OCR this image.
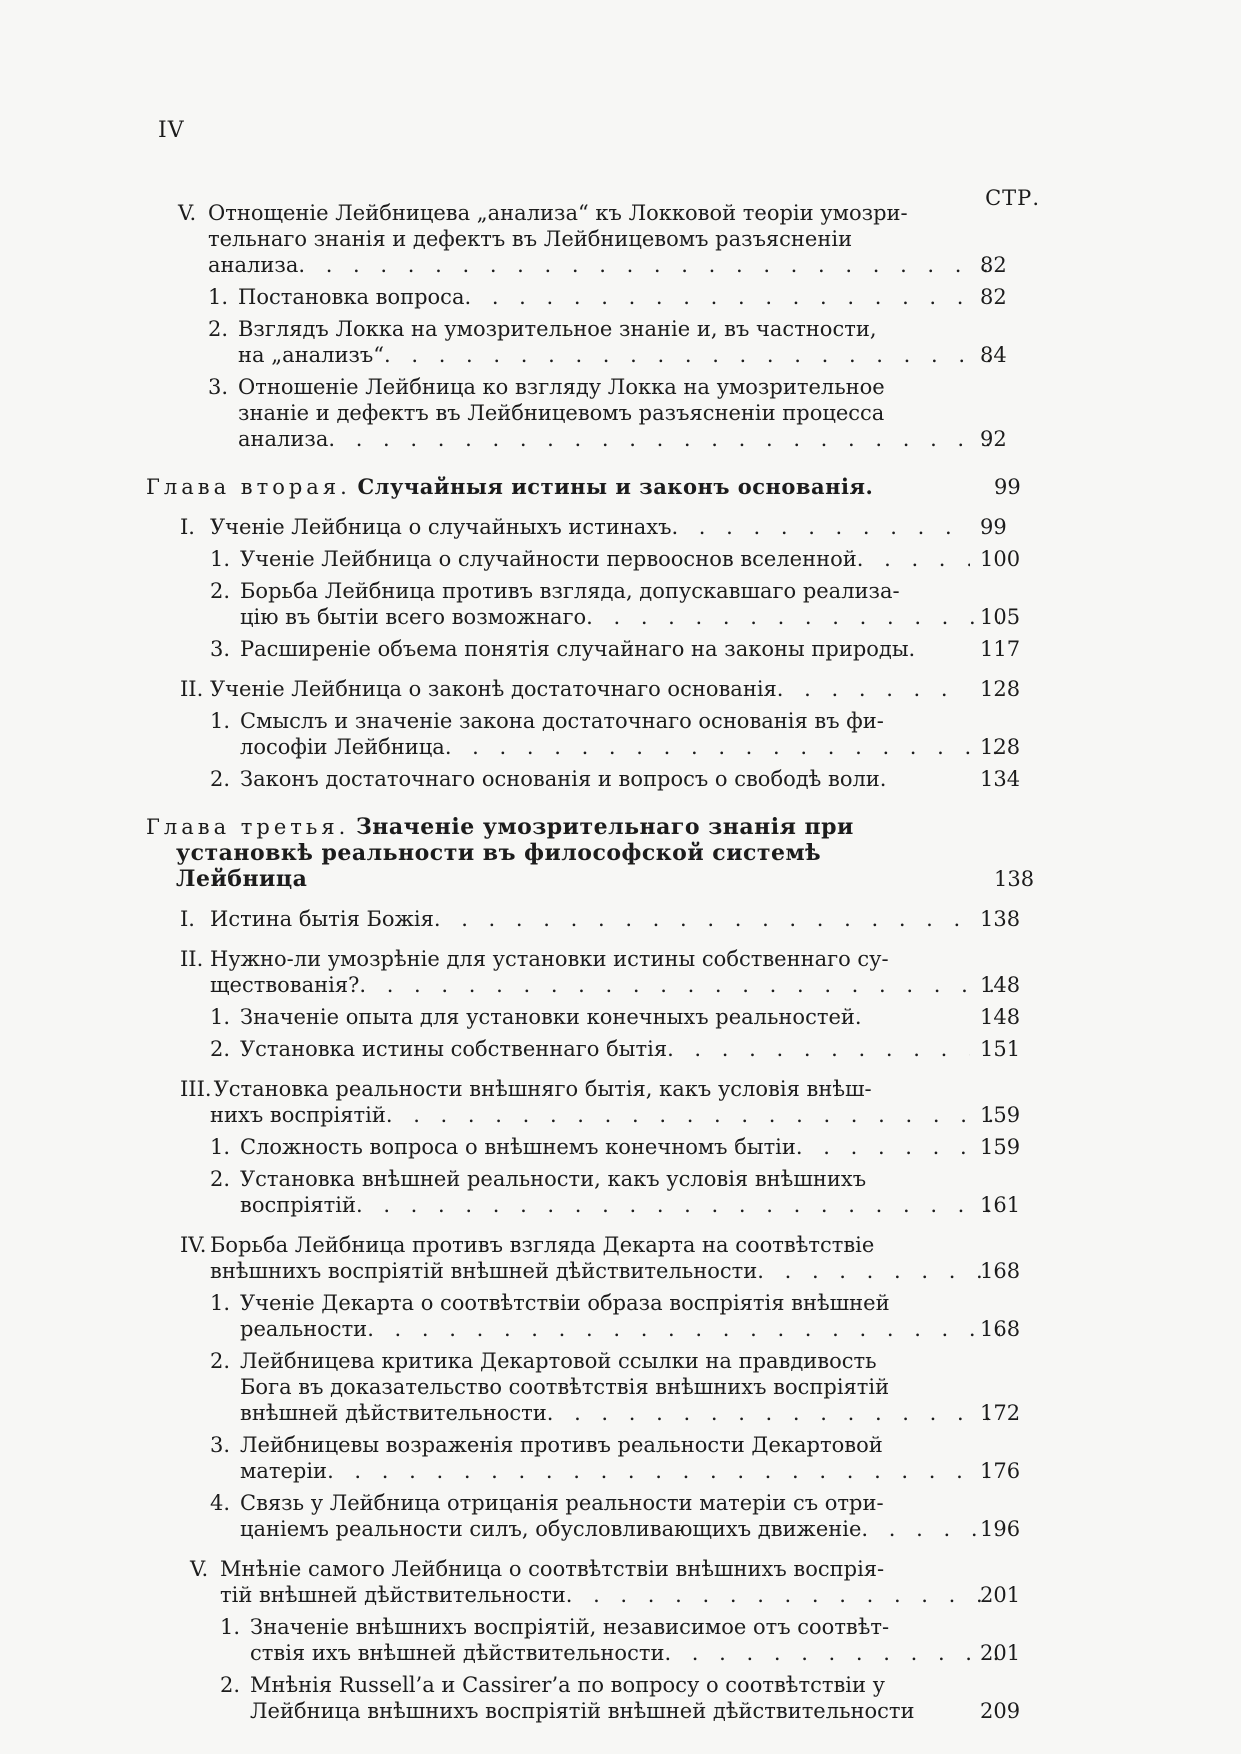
IV
СТР.
V. Отнощеніе Лейбницева „анализа“ къ Локковой теоріи умозри-
тельнаго знанія и дефектъ въ Лейбницевомъ разъясненіи
анализа . . .	82
1. Постановка вопроса . . .	82
2. Взглядъ Локка на умозрительное знаніе и, въ частности,
на „анализъ“ . . .	84
3. Отношеніе Лейбница ко взгляду Локка на умозрительное
знаніе и дефектъ въ Лейбницевомъ разъясненіи процесса
анализа . . .	92
Глава вторая. Случайныя истины и законъ основанія.	99
I. Ученіе Лейбница о случайныхъ истинахъ . . .	99
1. Ученіе Лейбница о случайности первооснов вселенной . . .	100
2. Борьба Лейбница противъ взгляда, допускавшаго реализа-
цію въ бытіи всего возможнаго . . .	105
3. Расширеніе объема понятія случайнаго на законы природы.	117
II. Ученіе Лейбница о законѣ достаточнаго основанія . . .	128
1. Смыслъ и значеніе закона достаточнаго основанія въ фи-
лософіи Лейбница . . .	128
2. Законъ достаточнаго основанія и вопросъ о свободѣ воли.	134
Глава третья. Значеніе умозрительнаго знанія при
установкѣ реальности въ философской системѣ
Лейбница	138
I. Истина бытія Божія . . .	138
II. Нужно-ли умозрѣніе для установки истины собственнаго су-
ществованія? . . .	148
1. Значеніе опыта для установки конечныхъ реальностей.	148
2. Установка истины собственнаго бытія . . .	151
III. Установка реальности внѣшняго бытія, какъ условія внѣш-
нихъ воспріятій . . .	159
1. Сложность вопроса о внѣшнемъ конечномъ бытіи . . .	159
2. Установка внѣшней реальности, какъ условія внѣшнихъ
воспріятій . . .	161
IV. Борьба Лейбница противъ взгляда Декарта на соотвѣтствіе
внѣшнихъ воспріятій внѣшней дѣйствительности . . .	168
1. Ученіе Декарта о соотвѣтствіи образа воспріятія внѣшней
реальности . . .	168
2. Лейбницева критика Декартовой ссылки на правдивость
Бога въ доказательство соотвѣтствія внѣшнихъ воспріятій
внѣшней дѣйствительности . . .	172
3. Лейбницевы возраженія противъ реальности Декартовой
матеріи . . .	176
4. Связь у Лейбница отрицанія реальности матеріи съ отри-
цаніемъ реальности силъ, обусловливающихъ движеніе . . .	196
V. Мнѣніе самого Лейбница о соотвѣтствіи внѣшнихъ воспрія-
тій внѣшней дѣйствительности . . .	201
1. Значеніе внѣшнихъ воспріятій, независимое отъ соотвѣт-
ствія ихъ внѣшней дѣйствительности . . .	201
2. Мнѣнія Russell’а и Cassirer’а по вопросу о соотвѣтствіи у
Лейбница внѣшнихъ воспріятій внѣшней дѣйствительности	209
